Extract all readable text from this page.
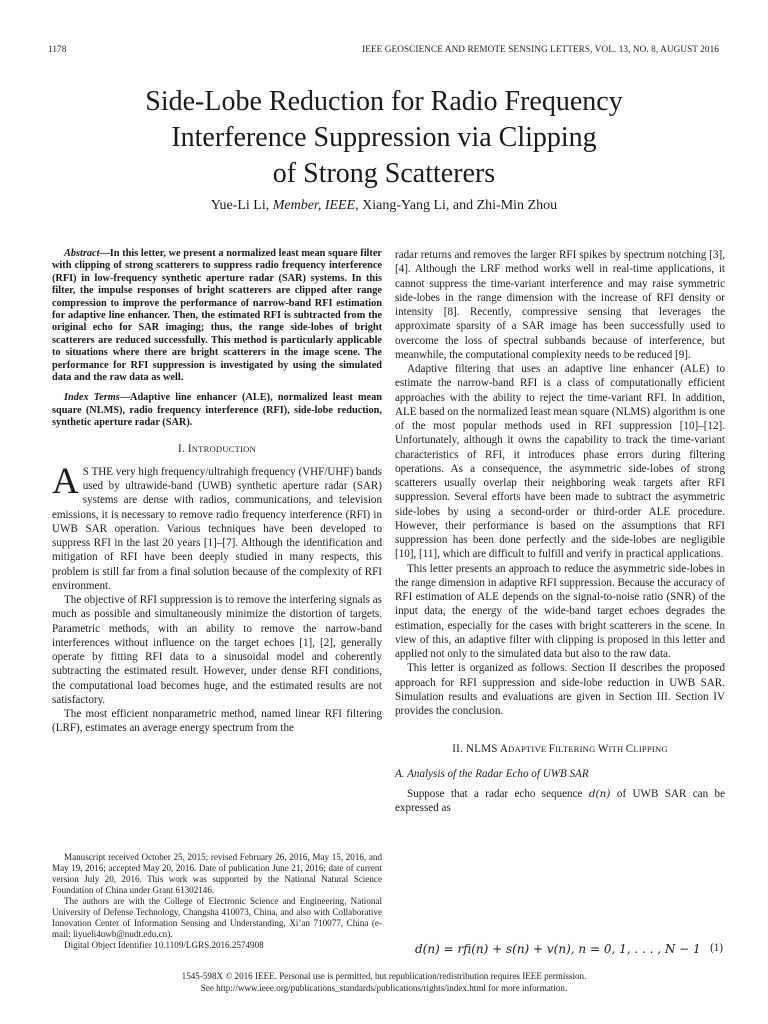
1178	IEEE GEOSCIENCE AND REMOTE SENSING LETTERS, VOL. 13, NO. 8, AUGUST 2016
Side-Lobe Reduction for Radio Frequency
Interference Suppression via Clipping
of Strong Scatterers
Yue-Li Li, Member, IEEE, Xiang-Yang Li, and Zhi-Min Zhou

Abstract—In this letter, we present a normalized least mean square filter with clipping of strong scatterers to suppress radio frequency interference (RFI) in low-frequency synthetic aperture radar (SAR) systems. In this filter, the impulse responses of bright scatterers are clipped after range compression to improve the performance of narrow-band RFI estimation for adaptive line enhancer. Then, the estimated RFI is subtracted from the original echo for SAR imaging; thus, the range side-lobes of bright scatterers are reduced successfully. This method is particularly applicable to situations where there are bright scatterers in the image scene. The performance for RFI suppression is investigated by using the simulated data and the raw data as well.

Index Terms—Adaptive line enhancer (ALE), normalized least mean square (NLMS), radio frequency interference (RFI), side-lobe reduction, synthetic aperture radar (SAR).

I. INTRODUCTION

A S THE very high frequency/ultrahigh frequency (VHF/UHF) bands used by ultrawide-band (UWB) synthetic aperture radar (SAR) systems are dense with radios, communications, and television emissions, it is necessary to remove radio frequency interference (RFI) in UWB SAR operation. Various techniques have been developed to suppress RFI in the last 20 years [1]–[7]. Although the identification and mitigation of RFI have been deeply studied in many respects, this problem is still far from a final solution because of the complexity of RFI environment.

The objective of RFI suppression is to remove the interfering signals as much as possible and simultaneously minimize the distortion of targets. Parametric methods, with an ability to remove the narrow-band interferences without influence on the target echoes [1], [2], generally operate by fitting RFI data to a sinusoidal model and coherently subtracting the estimated result. However, under dense RFI conditions, the computational load becomes huge, and the estimated results are not satisfactory.

The most efficient nonparametric method, named linear RFI filtering (LRF), estimates an average energy spectrum from the

Manuscript received October 25, 2015; revised February 26, 2016, May 15, 2016, and May 19, 2016; accepted May 20, 2016. Date of publication June 21, 2016; date of current version July 20, 2016. This work was supported by the National Natural Science Foundation of China under Grant 61302146.

The authors are with the College of Electronic Science and Engineering, National University of Defense Technology, Changsha 410073, China, and also with Collaborative Innovation Center of Information Sensing and Understanding, Xi’an 710077, China (e-mail: liyueli4uwb@nudt.edu.cn).

Digital Object Identifier 10.1109/LGRS.2016.2574908

radar returns and removes the larger RFI spikes by spectrum notching [3], [4]. Although the LRF method works well in real-time applications, it cannot suppress the time-variant interference and may raise symmetric side-lobes in the range dimension with the increase of RFI density or intensity [8]. Recently, compressive sensing that leverages the approximate sparsity of a SAR image has been successfully used to overcome the loss of spectral subbands because of interference, but meanwhile, the computational complexity needs to be reduced [9].

Adaptive filtering that uses an adaptive line enhancer (ALE) to estimate the narrow-band RFI is a class of computationally efficient approaches with the ability to reject the time-variant RFI. In addition, ALE based on the normalized least mean square (NLMS) algorithm is one of the most popular methods used in RFI suppression [10]–[12]. Unfortunately, although it owns the capability to track the time-variant characteristics of RFI, it introduces phase errors during filtering operations. As a consequence, the asymmetric side-lobes of strong scatterers usually overlap their neighboring weak targets after RFI suppression. Several efforts have been made to subtract the asymmetric side-lobes by using a second-order or third-order ALE procedure. However, their performance is based on the assumptions that RFI suppression has been done perfectly and the side-lobes are negligible [10], [11], which are difficult to fulfill and verify in practical applications.

This letter presents an approach to reduce the asymmetric side-lobes in the range dimension in adaptive RFI suppression. Because the accuracy of RFI estimation of ALE depends on the signal-to-noise ratio (SNR) of the input data, the energy of the wide-band target echoes degrades the estimation, especially for the cases with bright scatterers in the scene. In view of this, an adaptive filter with clipping is proposed in this letter and applied not only to the simulated data but also to the raw data.

This letter is organized as follows. Section II describes the proposed approach for RFI suppression and side-lobe reduction in UWB SAR. Simulation results and evaluations are given in Section III. Section IV provides the conclusion.

II. NLMS ADAPTIVE FILTERING WITH CLIPPING

A. Analysis of the Radar Echo of UWB SAR

Suppose that a radar echo sequence d(n) of UWB SAR can be expressed as

d(n) = rfi(n) + s(n) + v(n), n = 0, 1, . . . , N − 1 (1)
1545-598X © 2016 IEEE. Personal use is permitted, but republication/redistribution requires IEEE permission.
See http://www.ieee.org/publications_standards/publications/rights/index.html for more information.
